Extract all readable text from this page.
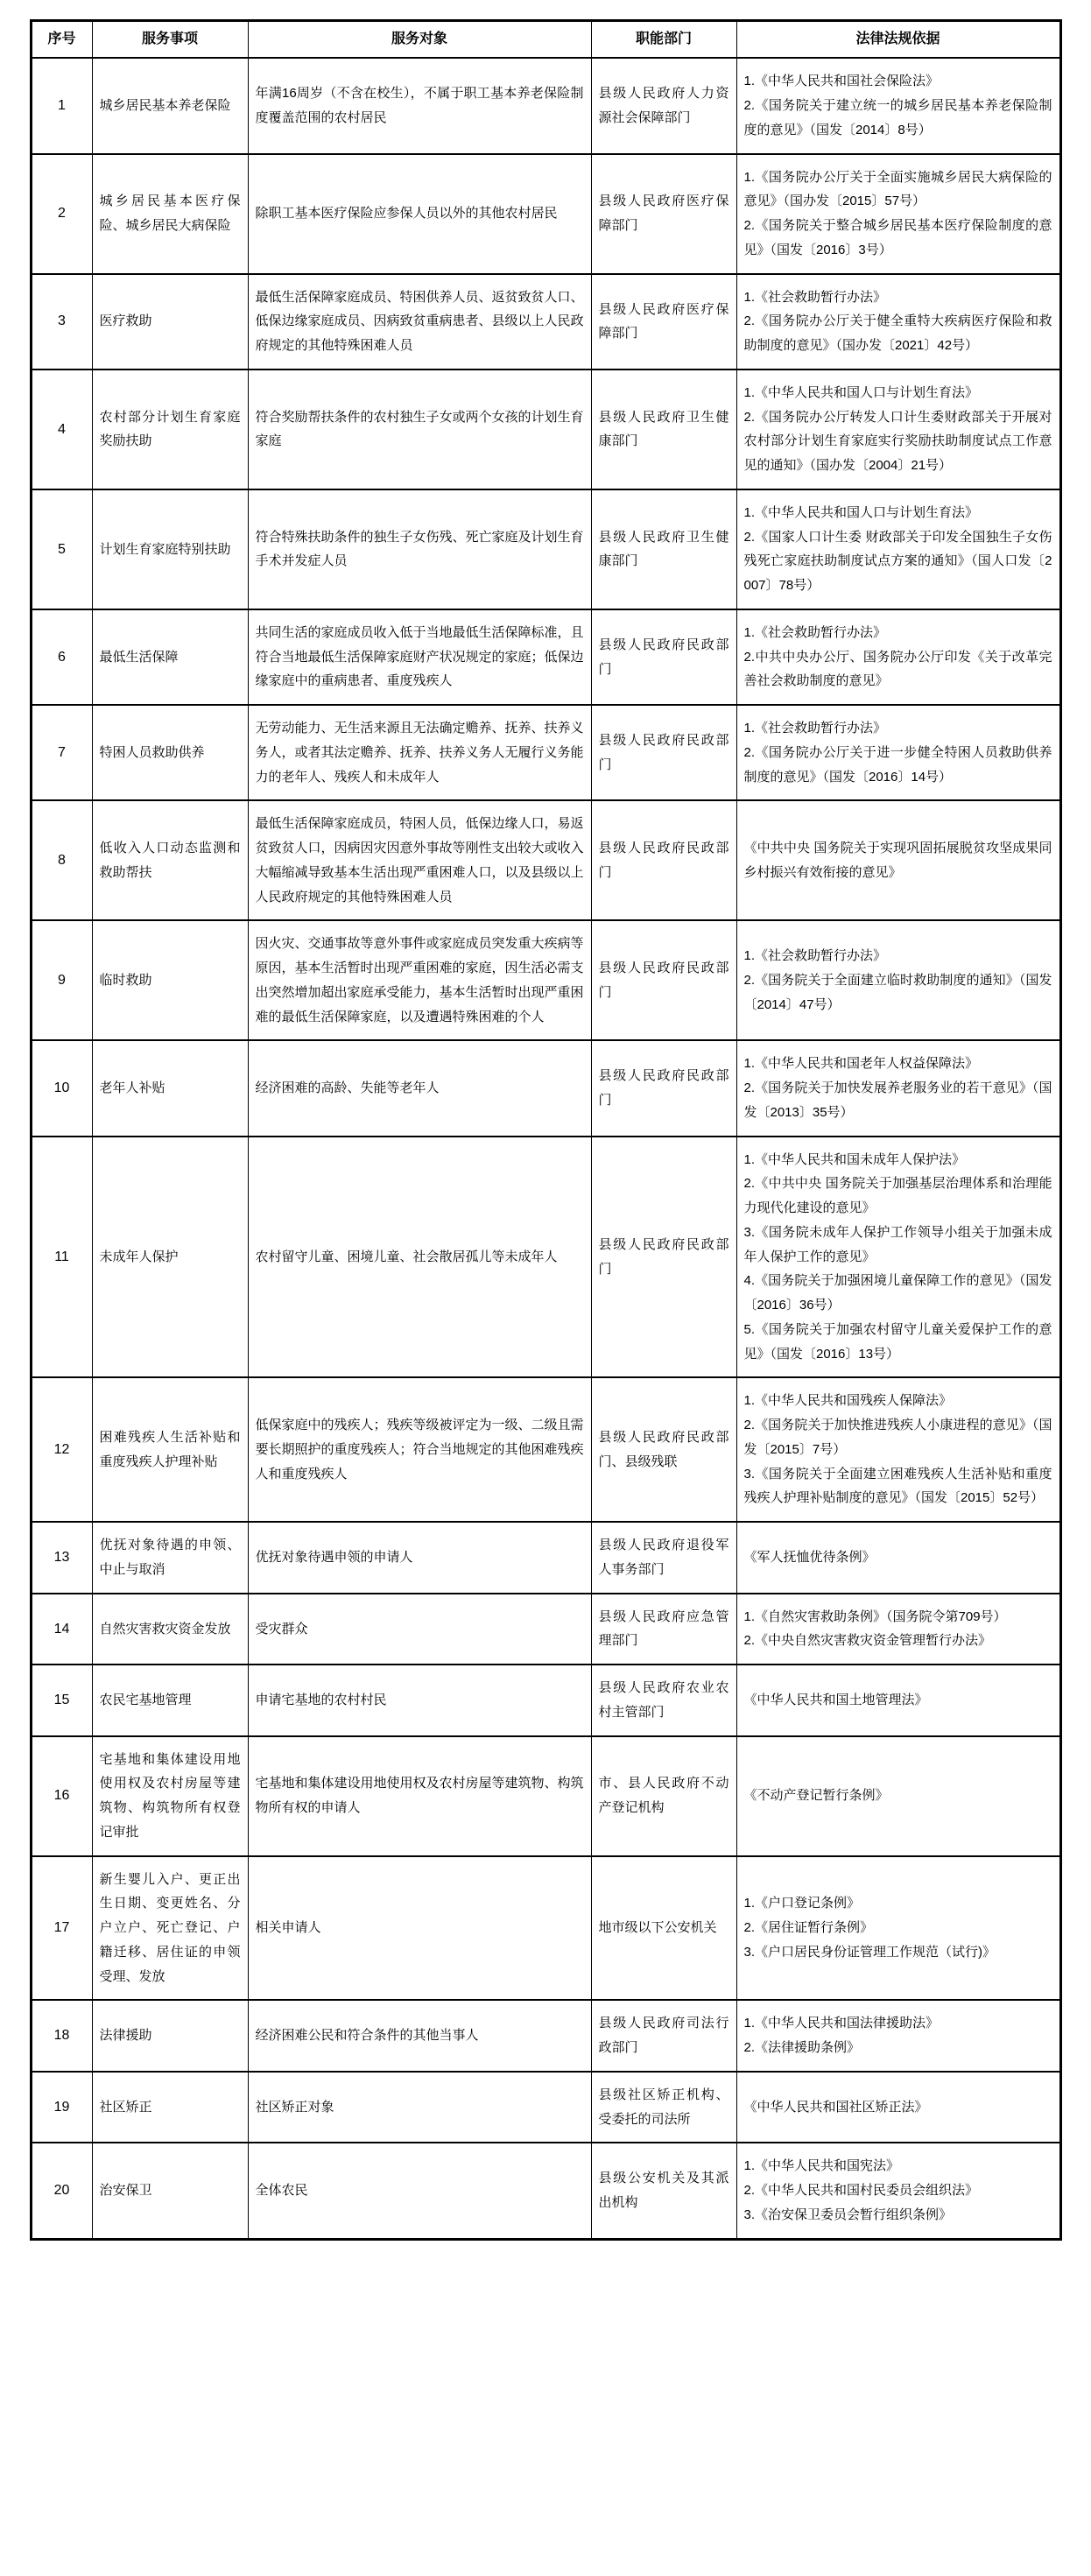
序号	服务事项	服务对象	职能部门	法律法规依据
1	城乡居民基本养老保险	年满16周岁（不含在校生），不属于职工基本养老保险制度覆盖范围的农村居民	县级人民政府人力资源社会保障部门	1.《中华人民共和国社会保险法》
2.《国务院关于建立统一的城乡居民基本养老保险制度的意见》（国发〔2014〕8号）

2	城乡居民基本医疗保险、城乡居民大病保险	除职工基本医疗保险应参保人员以外的其他农村居民	县级人民政府医疗保障部门	1.《国务院办公厅关于全面实施城乡居民大病保险的意见》（国办发〔2015〕57号）
2.《国务院关于整合城乡居民基本医疗保险制度的意见》（国发〔2016〕3号）

3	医疗救助	最低生活保障家庭成员、特困供养人员、返贫致贫人口、低保边缘家庭成员、因病致贫重病患者、县级以上人民政府规定的其他特殊困难人员	县级人民政府医疗保障部门	1.《社会救助暂行办法》
2.《国务院办公厅关于健全重特大疾病医疗保险和救助制度的意见》（国办发〔2021〕42号）

4	农村部分计划生育家庭奖励扶助	符合奖励帮扶条件的农村独生子女或两个女孩的计划生育家庭	县级人民政府卫生健康部门	1.《中华人民共和国人口与计划生育法》
2.《国务院办公厅转发人口计生委财政部关于开展对农村部分计划生育家庭实行奖励扶助制度试点工作意见的通知》（国办发〔2004〕21号）

5	计划生育家庭特别扶助	符合特殊扶助条件的独生子女伤残、死亡家庭及计划生育手术并发症人员	县级人民政府卫生健康部门	1.《中华人民共和国人口与计划生育法》
2.《国家人口计生委 财政部关于印发全国独生子女伤残死亡家庭扶助制度试点方案的通知》（国人口发〔2007〕78号）

6	最低生活保障	共同生活的家庭成员收入低于当地最低生活保障标准，且符合当地最低生活保障家庭财产状况规定的家庭；低保边缘家庭中的重病患者、重度残疾人	县级人民政府民政部门	1.《社会救助暂行办法》
2.中共中央办公厅、国务院办公厅印发《关于改革完善社会救助制度的意见》

7	特困人员救助供养	无劳动能力、无生活来源且无法确定赡养、抚养、扶养义务人，或者其法定赡养、抚养、扶养义务人无履行义务能力的老年人、残疾人和未成年人	县级人民政府民政部门	1.《社会救助暂行办法》
2.《国务院办公厅关于进一步健全特困人员救助供养制度的意见》（国发〔2016〕14号）

8	低收入人口动态监测和救助帮扶	最低生活保障家庭成员，特困人员，低保边缘人口，易返贫致贫人口，因病因灾因意外事故等刚性支出较大或收入大幅缩减导致基本生活出现严重困难人口，以及县级以上人民政府规定的其他特殊困难人员	县级人民政府民政部门	《中共中央 国务院关于实现巩固拓展脱贫攻坚成果同乡村振兴有效衔接的意见》

9	临时救助	因火灾、交通事故等意外事件或家庭成员突发重大疾病等原因，基本生活暂时出现严重困难的家庭，因生活必需支出突然增加超出家庭承受能力，基本生活暂时出现严重困难的最低生活保障家庭，以及遭遇特殊困难的个人	县级人民政府民政部门	1.《社会救助暂行办法》
2.《国务院关于全面建立临时救助制度的通知》（国发〔2014〕47号）

10	老年人补贴	经济困难的高龄、失能等老年人	县级人民政府民政部门	1.《中华人民共和国老年人权益保障法》
2.《国务院关于加快发展养老服务业的若干意见》（国发〔2013〕35号）

11	未成年人保护	农村留守儿童、困境儿童、社会散居孤儿等未成年人	县级人民政府民政部门	1.《中华人民共和国未成年人保护法》
2.《中共中央 国务院关于加强基层治理体系和治理能力现代化建设的意见》
3.《国务院未成年人保护工作领导小组关于加强未成年人保护工作的意见》
4.《国务院关于加强困境儿童保障工作的意见》（国发〔2016〕36号）
5.《国务院关于加强农村留守儿童关爱保护工作的意见》（国发〔2016〕13号）

12	困难残疾人生活补贴和重度残疾人护理补贴	低保家庭中的残疾人；残疾等级被评定为一级、二级且需要长期照护的重度残疾人；符合当地规定的其他困难残疾人和重度残疾人	县级人民政府民政部门、县级残联	1.《中华人民共和国残疾人保障法》
2.《国务院关于加快推进残疾人小康进程的意见》（国发〔2015〕7号）
3.《国务院关于全面建立困难残疾人生活补贴和重度残疾人护理补贴制度的意见》（国发〔2015〕52号）

13	优抚对象待遇的申领、中止与取消	优抚对象待遇申领的申请人	县级人民政府退役军人事务部门	《军人抚恤优待条例》

14	自然灾害救灾资金发放	受灾群众	县级人民政府应急管理部门	1.《自然灾害救助条例》（国务院令第709号）
2.《中央自然灾害救灾资金管理暂行办法》

15	农民宅基地管理	申请宅基地的农村村民	县级人民政府农业农村主管部门	《中华人民共和国土地管理法》

16	宅基地和集体建设用地使用权及农村房屋等建筑物、构筑物所有权登记审批	宅基地和集体建设用地使用权及农村房屋等建筑物、构筑物所有权的申请人	市、县人民政府不动产登记机构	《不动产登记暂行条例》

17	新生婴儿入户、更正出生日期、变更姓名、分户立户、死亡登记、户籍迁移、居住证的申领受理、发放	相关申请人	地市级以下公安机关	1.《户口登记条例》
2.《居住证暂行条例》
3.《户口居民身份证管理工作规范（试行)》

18	法律援助	经济困难公民和符合条件的其他当事人	县级人民政府司法行政部门	1.《中华人民共和国法律援助法》
2.《法律援助条例》

19	社区矫正	社区矫正对象	县级社区矫正机构、受委托的司法所	《中华人民共和国社区矫正法》

20	治安保卫	全体农民	县级公安机关及其派出机构	1.《中华人民共和国宪法》
2.《中华人民共和国村民委员会组织法》
3.《治安保卫委员会暂行组织条例》
